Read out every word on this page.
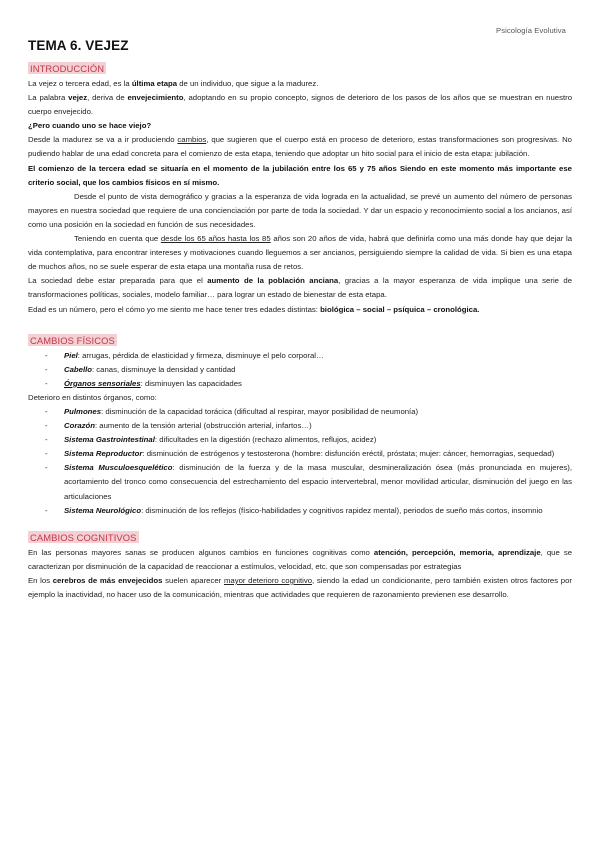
Psicología Evolutiva
TEMA 6. VEJEZ
INTRODUCCIÓN

La vejez o tercera edad, es la última etapa de un individuo, que sigue a la madurez.

La palabra vejez, deriva de envejecimiento, adoptando en su propio concepto, signos de deterioro de los pasos de los años que se muestran en nuestro cuerpo envejecido.

¿Pero cuando uno se hace viejo?

Desde la madurez se va a ir produciendo cambios, que sugieren que el cuerpo está en proceso de deterioro, estas transformaciones son progresivas. No pudiendo hablar de una edad concreta para el comienzo de esta etapa, teniendo que adoptar un hito social para el inicio de esta etapa: jubilación.

El comienzo de la tercera edad se situaría en el momento de la jubilación entre los 65 y 75 años Siendo en este momento más importante ese criterio social, que los cambios físicos en sí mismo.

Desde el punto de vista demográfico y gracias a la esperanza de vida lograda en la actualidad, se prevé un aumento del número de personas mayores en nuestra sociedad que requiere de una concienciación por parte de toda la sociedad. Y dar un espacio y reconocimiento social a los ancianos, así como una posición en la sociedad en función de sus necesidades.

Teniendo en cuenta que desde los 65 años hasta los 85 años son 20 años de vida, habrá que definirla como una más donde hay que dejar la vida contemplativa, para encontrar intereses y motivaciones cuando lleguemos a ser ancianos, persiguiendo siempre la calidad de vida. Si bien es una etapa de muchos años, no se suele esperar de esta etapa una montaña rusa de retos.

La sociedad debe estar preparada para que el aumento de la población anciana, gracias a la mayor esperanza de vida implique una serie de transformaciones políticas, sociales, modelo familiar… para lograr un estado de bienestar de esta etapa.

Edad es un número, pero el cómo yo me siento me hace tener tres edades distintas: biológica – social – psíquica – cronológica.

CAMBIOS FÍSICOS
- Piel: arrugas, pérdida de elasticidad y firmeza, disminuye el pelo corporal…
- Cabello: canas, disminuye la densidad y cantidad
- Órganos sensoriales: disminuyen las capacidades

Deterioro en distintos órganos, como:

- Pulmones: disminución de la capacidad torácica (dificultad al respirar, mayor posibilidad de neumonía)
- Corazón: aumento de la tensión arterial (obstrucción arterial, infartos…)
- Sistema Gastrointestinal: dificultades en la digestión (rechazo alimentos, reflujos, acidez)
- Sistema Reproductor: disminución de estrógenos y testosterona (hombre: disfunción eréctil, próstata; mujer: cáncer, hemorragias, sequedad)
- Sistema Musculoesquelético: disminución de la fuerza y de la masa muscular, desmineralización ósea (más pronunciada en mujeres), acortamiento del tronco como consecuencia del estrechamiento del espacio intervertebral, menor movilidad articular, disminución del juego en las articulaciones
- Sistema Neurológico: disminución de los reflejos (físico-habilidades y cognitivos rapidez mental), periodos de sueño más cortos, insomnio
CAMBIOS COGNITIVOS

En las personas mayores sanas se producen algunos cambios en funciones cognitivas como atención, percepción, memoria, aprendizaje, que se caracterizan por disminución de la capacidad de reaccionar a estímulos, velocidad, etc. que son compensadas por estrategias

En los cerebros de más envejecidos suelen aparecer mayor deterioro cognitivo, siendo la edad un condicionante, pero también existen otros factores por ejemplo la inactividad, no hacer uso de la comunicación, mientras que actividades que requieren de razonamiento previenen ese desarrollo.
